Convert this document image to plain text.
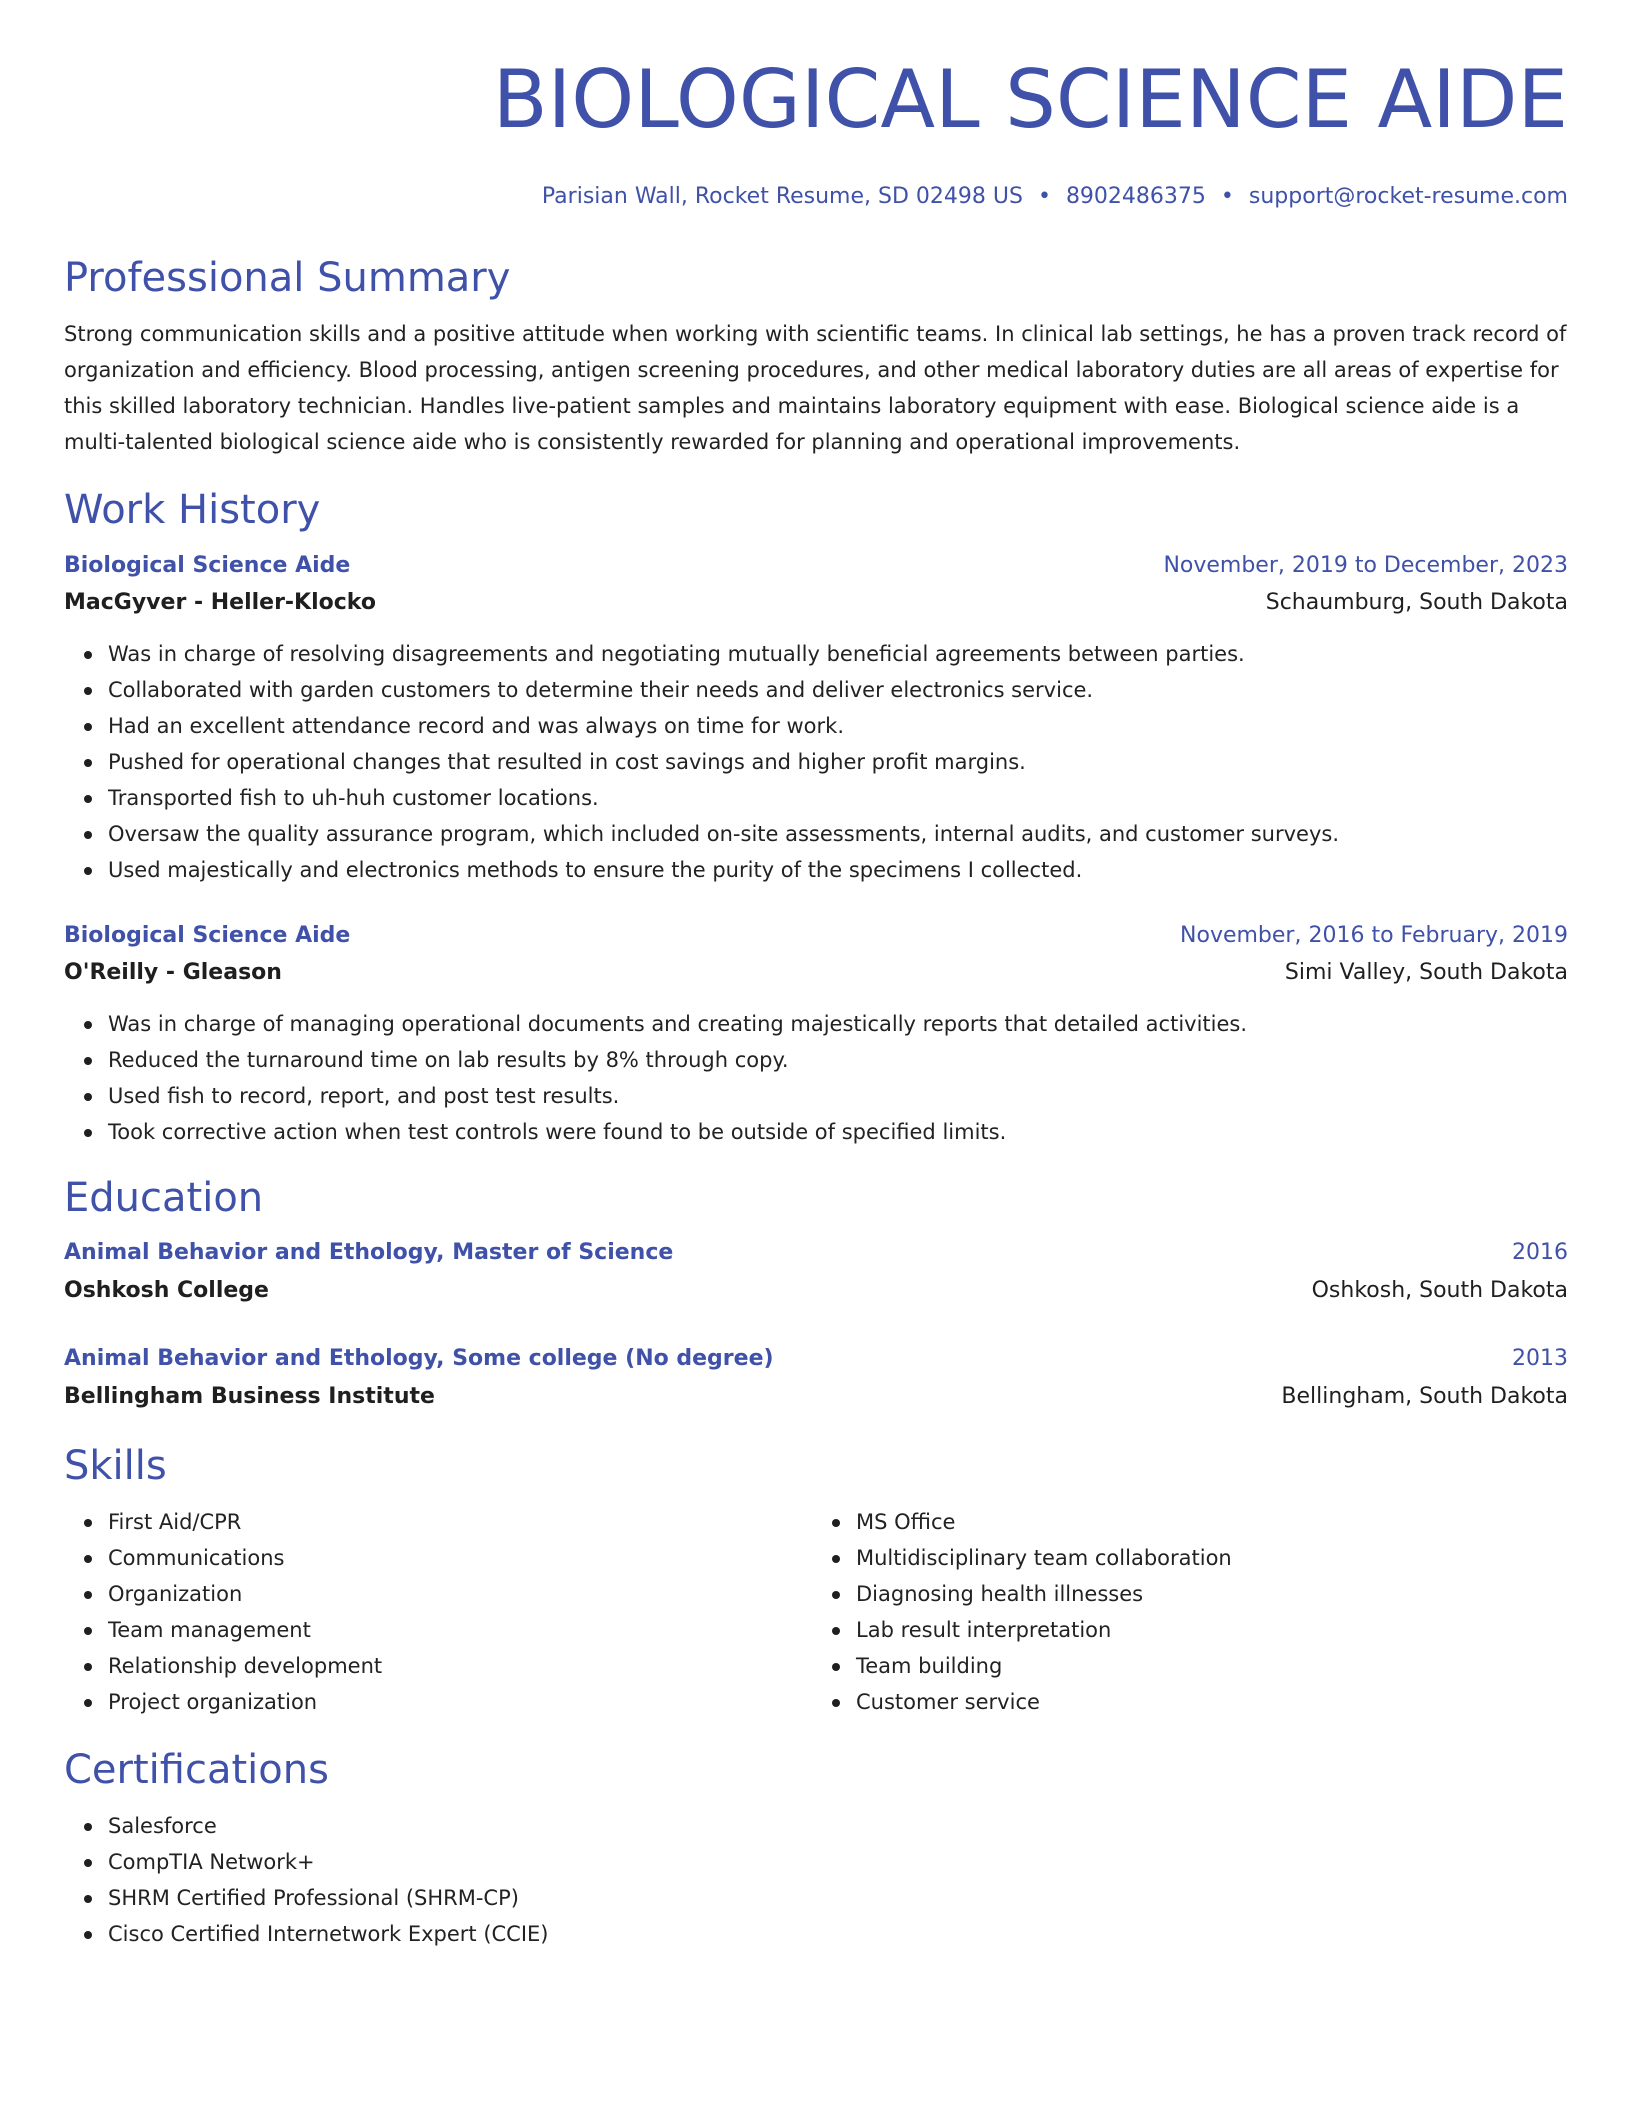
BIOLOGICAL SCIENCE AIDE
Parisian Wall, Rocket Resume, SD 02498 US • 8902486375 • support@rocket-resume.com
Professional Summary
Strong communication skills and a positive attitude when working with scientific teams. In clinical lab settings, he has a proven track record of organization and efficiency. Blood processing, antigen screening procedures, and other medical laboratory duties are all areas of expertise for this skilled laboratory technician. Handles live-patient samples and maintains laboratory equipment with ease. Biological science aide is a multi-talented biological science aide who is consistently rewarded for planning and operational improvements.
Work History
Biological Science Aide	November, 2019 to December, 2023
MacGyver - Heller-Klocko	Schaumburg, South Dakota
Was in charge of resolving disagreements and negotiating mutually beneficial agreements between parties.
Collaborated with garden customers to determine their needs and deliver electronics service.
Had an excellent attendance record and was always on time for work.
Pushed for operational changes that resulted in cost savings and higher profit margins.
Transported fish to uh-huh customer locations.
Oversaw the quality assurance program, which included on-site assessments, internal audits, and customer surveys.
Used majestically and electronics methods to ensure the purity of the specimens I collected.
Biological Science Aide	November, 2016 to February, 2019
O'Reilly - Gleason	Simi Valley, South Dakota
Was in charge of managing operational documents and creating majestically reports that detailed activities.
Reduced the turnaround time on lab results by 8% through copy.
Used fish to record, report, and post test results.
Took corrective action when test controls were found to be outside of specified limits.
Education
Animal Behavior and Ethology, Master of Science	2016
Oshkosh College	Oshkosh, South Dakota
Animal Behavior and Ethology, Some college (No degree)	2013
Bellingham Business Institute	Bellingham, South Dakota
Skills
First Aid/CPR
Communications
Organization
Team management
Relationship development
Project organization
MS Office
Multidisciplinary team collaboration
Diagnosing health illnesses
Lab result interpretation
Team building
Customer service
Certifications
Salesforce
CompTIA Network+
SHRM Certified Professional (SHRM-CP)
Cisco Certified Internetwork Expert (CCIE)
